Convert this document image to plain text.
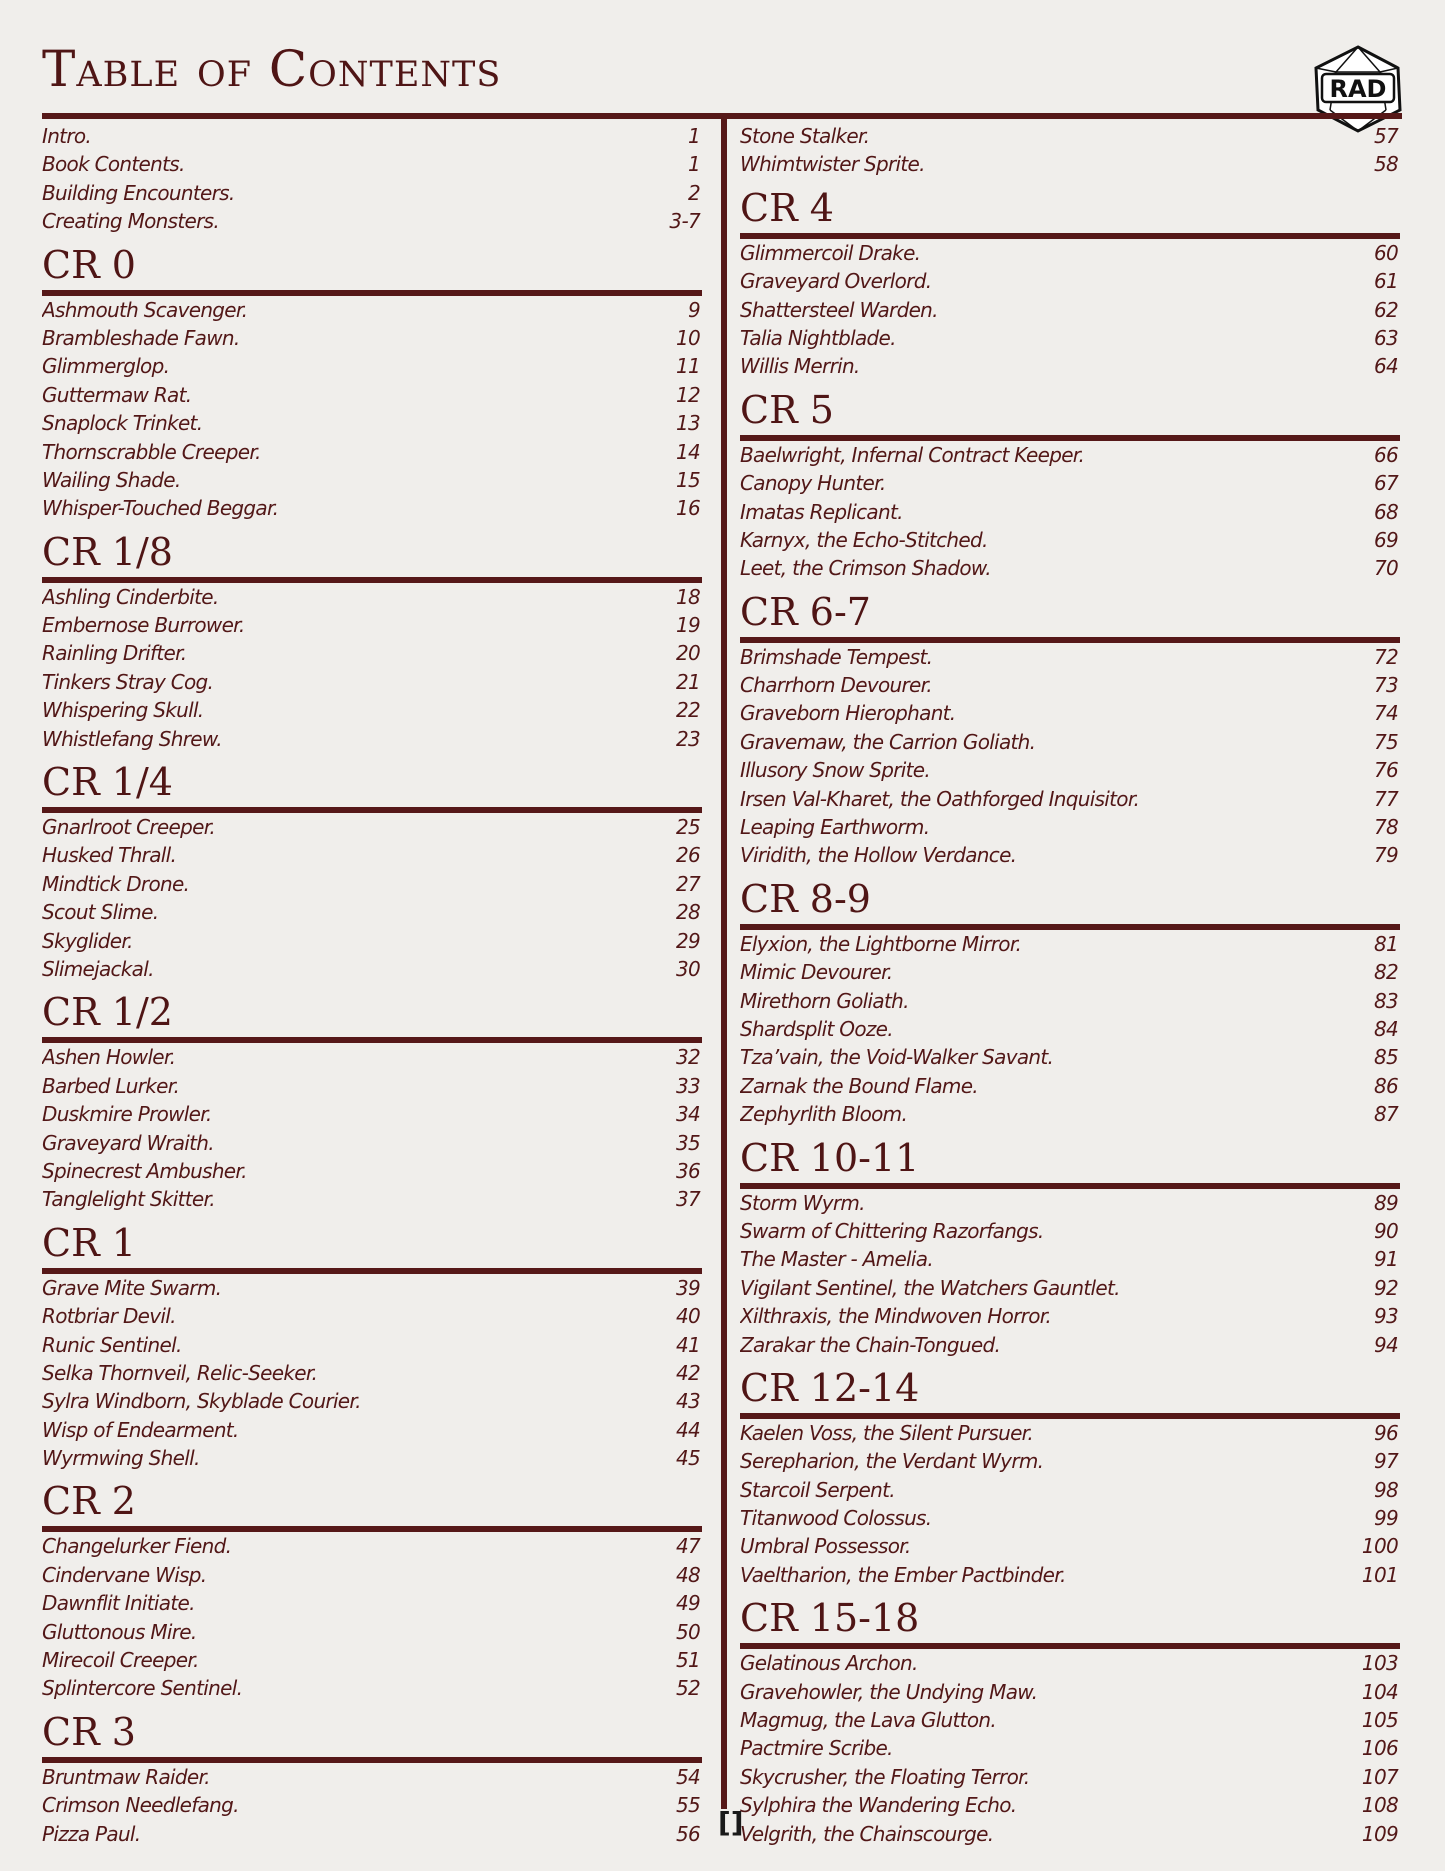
Table of Contents	RAD
Intro.	1
Book Contents.	1
Building Encounters.	2
Creating Monsters.	3-7
CR 0
Ashmouth Scavenger.	9
Brambleshade Fawn.	10
Glimmerglop.	11
Guttermaw Rat.	12
Snaplock Trinket.	13
Thornscrabble Creeper.	14
Wailing Shade.	15
Whisper-Touched Beggar.	16
CR 1/8
Ashling Cinderbite.	18
Embernose Burrower.	19
Rainling Drifter.	20
Tinkers Stray Cog.	21
Whispering Skull.	22
Whistlefang Shrew.	23
CR 1/4
Gnarlroot Creeper.	25
Husked Thrall.	26
Mindtick Drone.	27
Scout Slime.	28
Skyglider.	29
Slimejackal.	30
CR 1/2
Ashen Howler.	32
Barbed Lurker.	33
Duskmire Prowler.	34
Graveyard Wraith.	35
Spinecrest Ambusher.	36
Tanglelight Skitter.	37
CR 1
Grave Mite Swarm.	39
Rotbriar Devil.	40
Runic Sentinel.	41
Selka Thornveil, Relic-Seeker.	42
Sylra Windborn, Skyblade Courier.	43
Wisp of Endearment.	44
Wyrmwing Shell.	45
CR 2
Changelurker Fiend.	47
Cindervane Wisp.	48
Dawnflit Initiate.	49
Gluttonous Mire.	50
Mirecoil Creeper.	51
Splintercore Sentinel.	52
CR 3
Bruntmaw Raider.	54
Crimson Needlefang.	55
Pizza Paul.	56
Stone Stalker.	57
Whimtwister Sprite.	58
CR 4
Glimmercoil Drake.	60
Graveyard Overlord.	61
Shattersteel Warden.	62
Talia Nightblade.	63
Willis Merrin.	64
CR 5
Baelwright, Infernal Contract Keeper.	66
Canopy Hunter.	67
Imatas Replicant.	68
Karnyx, the Echo-Stitched.	69
Leet, the Crimson Shadow.	70
CR 6-7
Brimshade Tempest.	72
Charrhorn Devourer.	73
Graveborn Hierophant.	74
Gravemaw, the Carrion Goliath.	75
Illusory Snow Sprite.	76
Irsen Val-Kharet, the Oathforged Inquisitor.	77
Leaping Earthworm.	78
Viridith, the Hollow Verdance.	79
CR 8-9
Elyxion, the Lightborne Mirror.	81
Mimic Devourer.	82
Mirethorn Goliath.	83
Shardsplit Ooze.	84
Tza’vain, the Void-Walker Savant.	85
Zarnak the Bound Flame.	86
Zephyrlith Bloom.	87
CR 10-11
Storm Wyrm.	89
Swarm of Chittering Razorfangs.	90
The Master - Amelia.	91
Vigilant Sentinel, the Watchers Gauntlet.	92
Xilthraxis, the Mindwoven Horror.	93
Zarakar the Chain-Tongued.	94
CR 12-14
Kaelen Voss, the Silent Pursuer.	96
Serepharion, the Verdant Wyrm.	97
Starcoil Serpent.	98
Titanwood Colossus.	99
Umbral Possessor.	100
Vaeltharion, the Ember Pactbinder.	101
CR 15-18
Gelatinous Archon.	103
Gravehowler, the Undying Maw.	104
Magmug, the Lava Glutton.	105
Pactmire Scribe.	106
Skycrusher, the Floating Terror.	107
Sylphira the Wandering Echo.	108
Velgrith, the Chainscourge.	109
[]
